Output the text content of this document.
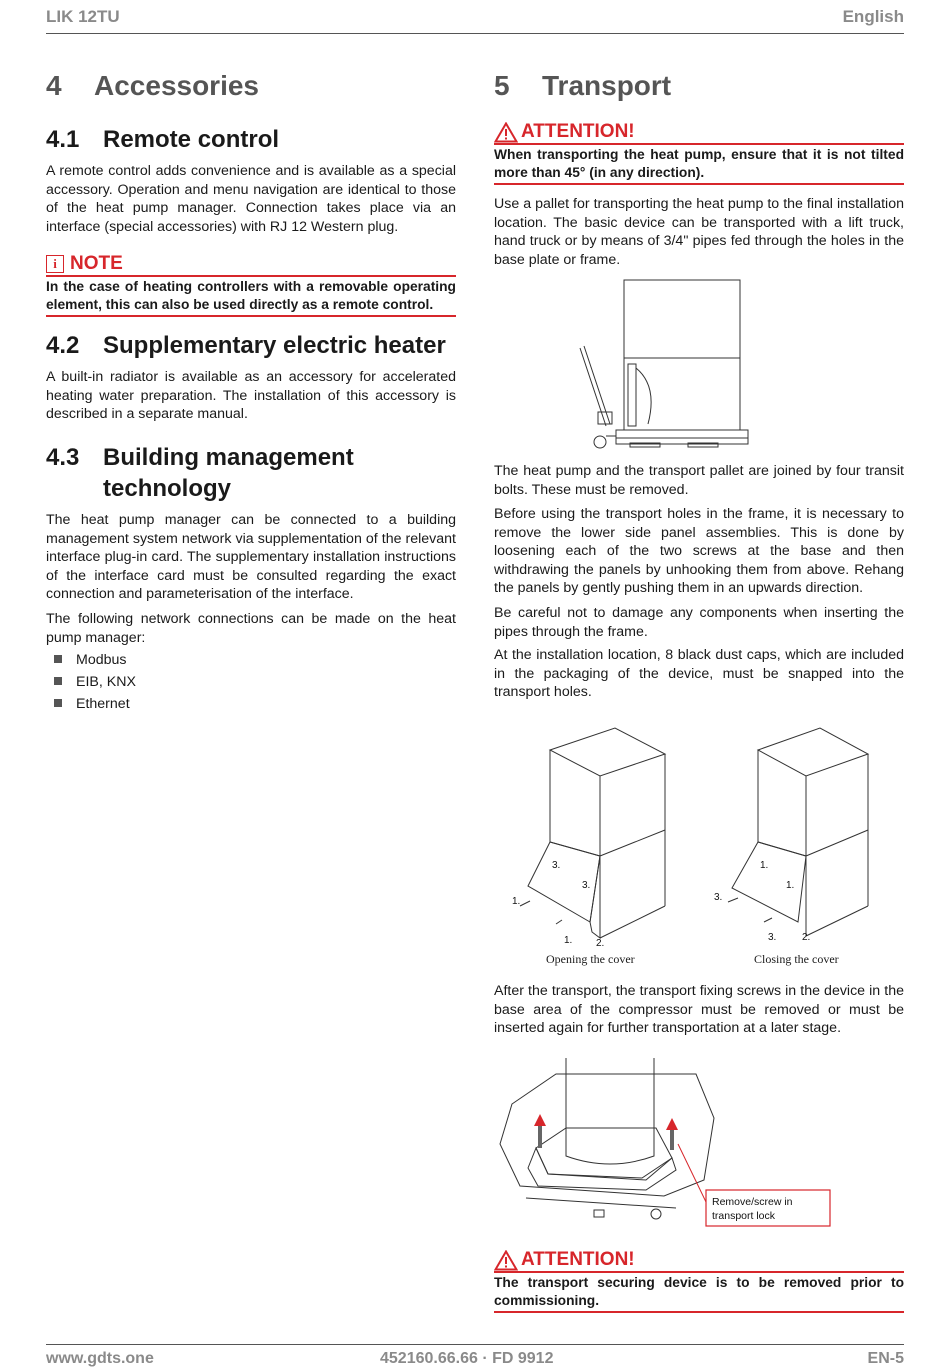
LIK 12TU	English
4 Accessories
4.1 Remote control
A remote control adds convenience and is available as a special accessory. Operation and menu navigation are identical to those of the heat pump manager. Connection takes place via an interface (special accessories) with RJ 12 Western plug.
i NOTE
In the case of heating controllers with a removable operating element, this can also be used directly as a remote control.
4.2 Supplementary electric heater
A built-in radiator is available as an accessory for accelerated heating water preparation. The installation of this accessory is described in a separate manual.
4.3 Building management
technology
The heat pump manager can be connected to a building management system network via supplementation of the relevant interface plug-in card. The supplementary installation instructions of the interface card must be consulted regarding the exact connection and parameterisation of the interface.
The following network connections can be made on the heat pump manager:
Modbus
EIB, KNX
Ethernet
5 Transport
ATTENTION!
When transporting the heat pump, ensure that it is not tilted more than 45° (in any direction).
Use a pallet for transporting the heat pump to the final installation location. The basic device can be transported with a lift truck, hand truck or by means of 3/4" pipes fed through the holes in the base plate or frame.
The heat pump and the transport pallet are joined by four transit bolts. These must be removed.
Before using the transport holes in the frame, it is necessary to remove the lower side panel assemblies. This is done by loosening each of the two screws at the base and then withdrawing the panels by unhooking them from above. Rehang the panels by gently pushing them in an upwards direction.
Be careful not to damage any components when inserting the pipes through the frame.
At the installation location, 8 black dust caps, which are included in the packaging of the device, must be snapped into the transport holes.
3.
3.
1.
2.
1.
1.
1.
3.
3.	2.
Opening the cover	Closing the cover
After the transport, the transport fixing screws in the device in the base area of the compressor must be removed or must be inserted again for further transportation at a later stage.
Remove/screw in
transport lock
ATTENTION!
The transport securing device is to be removed prior to commissioning.
www.gdts.one	452160.66.66 · FD 9912	EN-5
